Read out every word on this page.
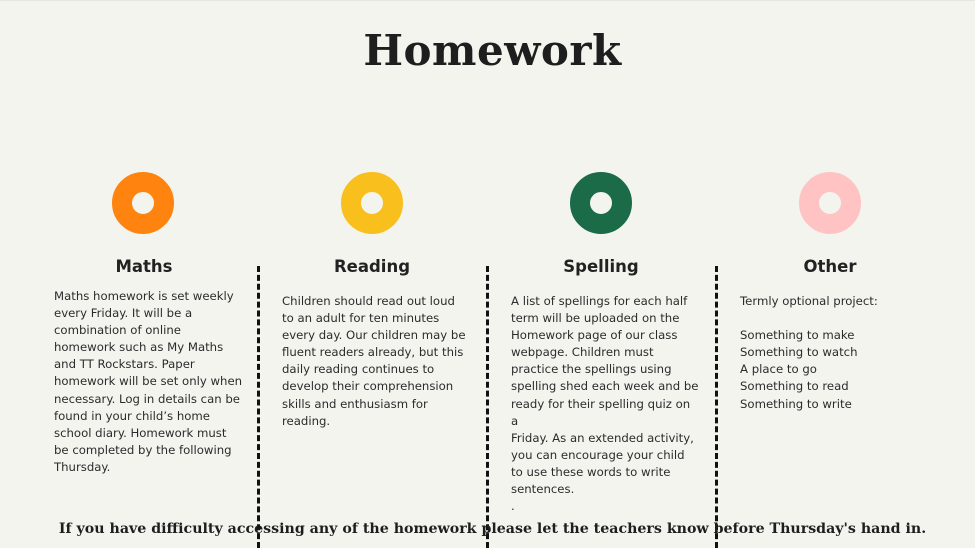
Homework
Maths
Maths homework is set weekly
every Friday. It will be a
combination of online
homework such as My Maths
and TT Rockstars. Paper
homework will be set only when
necessary. Log in details can be
found in your child’s home
school diary. Homework must
be completed by the following
Thursday.
Reading
Children should read out loud
to an adult for ten minutes
every day. Our children may be
fluent readers already, but this
daily reading continues to
develop their comprehension
skills and enthusiasm for
reading.
Spelling
A list of spellings for each half
term will be uploaded on the
Homework page of our class
webpage. Children must
practice the spellings using
spelling shed each week and be
ready for their spelling quiz on a
Friday. As an extended activity,
you can encourage your child
to use these words to write
sentences.
.
Other
Termly optional project:

Something to make
Something to watch
A place to go
Something to read
Something to write
If you have difficulty accessing any of the homework please let the teachers know before Thursday's hand in.
